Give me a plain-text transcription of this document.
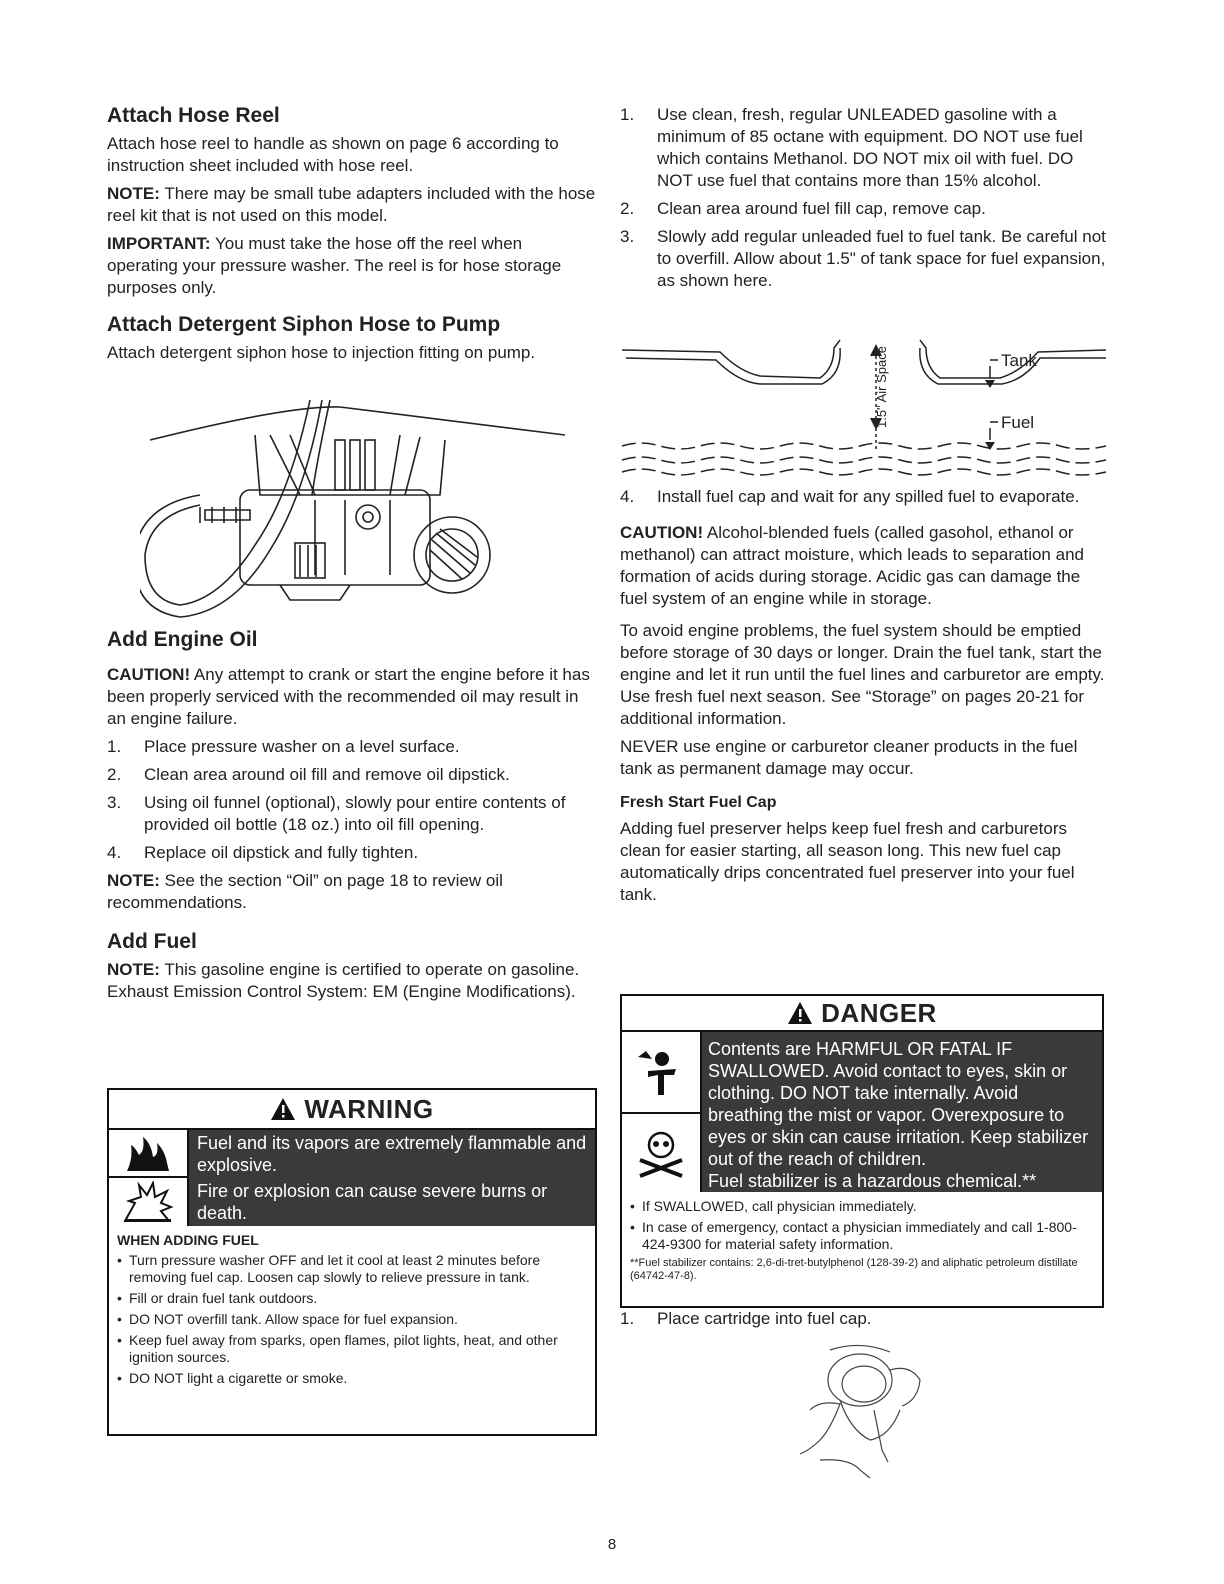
Attach Hose Reel

Attach hose reel to handle as shown on page 6 according to instruction sheet included with hose reel.

NOTE: There may be small tube adapters included with the hose reel kit that is not used on this model.

IMPORTANT: You must take the hose off the reel when operating your pressure washer. The reel is for hose storage purposes only.

Attach Detergent Siphon Hose to Pump

Attach detergent siphon hose to injection fitting on pump.

Add Engine Oil

CAUTION! Any attempt to crank or start the engine before it has been properly serviced with the recommended oil may result in an engine failure.

1. Place pressure washer on a level surface.
2. Clean area around oil fill and remove oil dipstick.
3. Using oil funnel (optional), slowly pour entire contents of provided oil bottle (18 oz.) into oil fill opening.
4. Replace oil dipstick and fully tighten.

NOTE: See the section “Oil” on page 18 to review oil recommendations.

Add Fuel

NOTE: This gasoline engine is certified to operate on gasoline. Exhaust Emission Control System: EM (Engine Modifications).

WARNING
Fuel and its vapors are extremely flammable and explosive.
Fire or explosion can cause severe burns or death.
WHEN ADDING FUEL
• Turn pressure washer OFF and let it cool at least 2 minutes before removing fuel cap. Loosen cap slowly to relieve pressure in tank.
• Fill or drain fuel tank outdoors.
• DO NOT overfill tank. Allow space for fuel expansion.
• Keep fuel away from sparks, open flames, pilot lights, heat, and other ignition sources.
• DO NOT light a cigarette or smoke.
1. Use clean, fresh, regular UNLEADED gasoline with a minimum of 85 octane with equipment. DO NOT use fuel which contains Methanol. DO NOT mix oil with fuel. DO NOT use fuel that contains more than 15% alcohol.
2. Clean area around fuel fill cap, remove cap.
3. Slowly add regular unleaded fuel to fuel tank. Be careful not to overfill. Allow about 1.5" of tank space for fuel expansion, as shown here.
Tank
Fuel
1.5" Air Space
4. Install fuel cap and wait for any spilled fuel to evaporate.

CAUTION! Alcohol-blended fuels (called gasohol, ethanol or methanol) can attract moisture, which leads to separation and formation of acids during storage. Acidic gas can damage the fuel system of an engine while in storage.

To avoid engine problems, the fuel system should be emptied before storage of 30 days or longer. Drain the fuel tank, start the engine and let it run until the fuel lines and carburetor are empty. Use fresh fuel next season. See “Storage” on pages 20-21 for additional information.

NEVER use engine or carburetor cleaner products in the fuel tank as permanent damage may occur.

Fresh Start Fuel Cap

Adding fuel preserver helps keep fuel fresh and carburetors clean for easier starting, all season long. This new fuel cap automatically drips concentrated fuel preserver into your fuel tank.

DANGER
Contents are HARMFUL OR FATAL IF SWALLOWED. Avoid contact to eyes, skin or clothing. DO NOT take internally. Avoid breathing the mist or vapor. Overexposure to eyes or skin can cause irritation. Keep stabilizer out of the reach of children.
Fuel stabilizer is a hazardous chemical.**
• If SWALLOWED, call physician immediately.
• In case of emergency, contact a physician immediately and call 1-800-424-9300 for material safety information.
**Fuel stabilizer contains: 2,6-di-tret-butylphenol (128-39-2) and aliphatic petroleum distillate (64742-47-8).
1. Place cartridge into fuel cap.
8
